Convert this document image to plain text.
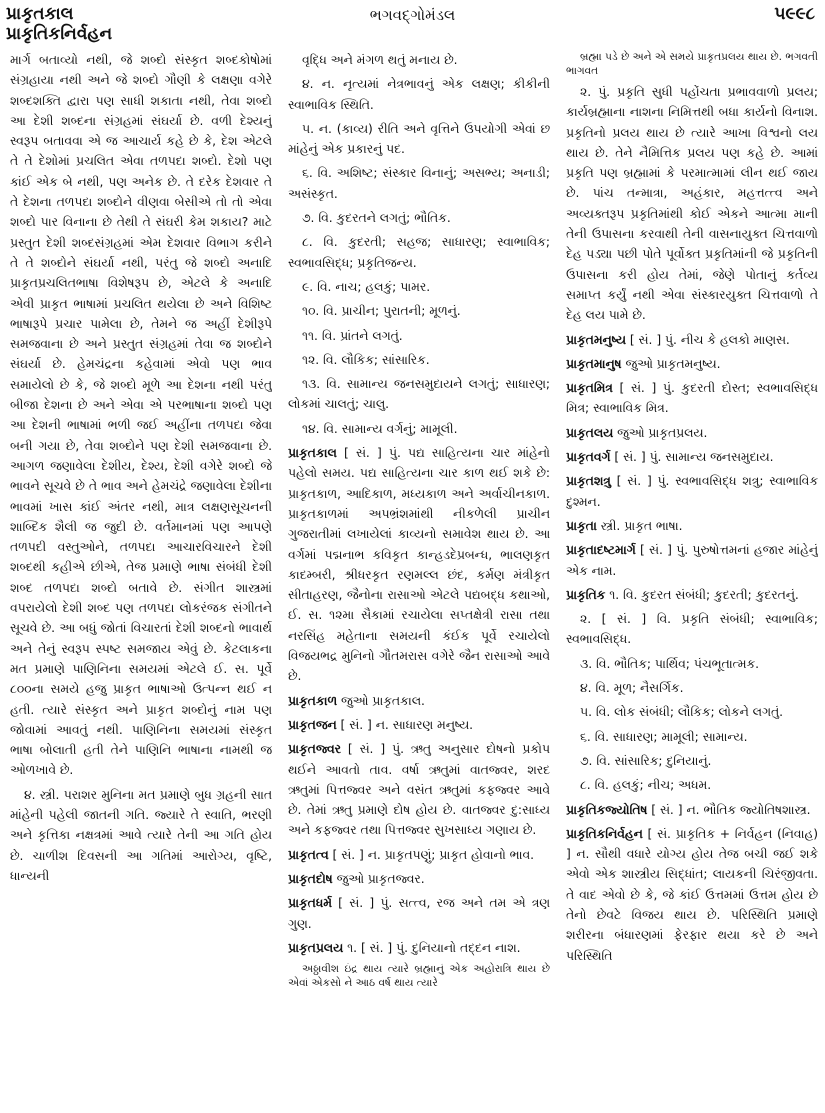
પ્રાકૃતકાલ
પ્રાકૃતિકનિર્વહન
ભગવદ્ગોમંડલ	૫૯૯૮

માર્ગ બતાવ્યો નથી, જે શબ્દો સંસ્કૃત શબ્દકોષોમાં સંગ્રહાયા નથી અને જે શબ્દો ગૌણી કે લક્ષણા વગેરે શબ્દશક્તિ દ્વારા પણ સાધી શકાતા નથી, તેવા શબ્દો આ દેશી શબ્દના સંગ્રહમાં સંઘર્યા છે. વળી દેશ્યનું સ્વરૂપ બતાવવા એ જ આચાર્ય કહે છે કે, દેશ એટલે તે તે દેશોમાં પ્રચલિત એવા તળપદા શબ્દો. દેશો પણ કાંઈ એક બે નથી, પણ અનેક છે. તે દરેક દેશવાર તે તે દેશના તળપદા શબ્દોને વીણવા બેસીએ તો તો એવા શબ્દો પાર વિનાના છે તેથી તે સંઘરી કેમ શકાય? માટે પ્રસ્તુત દેશી શબ્દસંગ્રહમાં એમ દેશવાર વિભાગ કરીને તે તે શબ્દોને સંઘર્યા નથી, પરંતુ જે શબ્દો અનાદિ પ્રાકૃતપ્રચલિતભાષા વિશેષરૂપ છે, એટલે કે અનાદિ એવી પ્રાકૃત ભાષામાં પ્રચલિત થયેલા છે અને વિશિષ્ટ ભાષારૂપે પ્રચાર પામેલા છે, તેમને જ અહીં દેશીરૂપે સમજવાના છે અને પ્રસ્તુત સંગ્રહમાં તેવા જ શબ્દોને સંઘર્યા છે. હેમચંદ્રના કહેવામાં એવો પણ ભાવ સમાયેલો છે કે, જે શબ્દો મૂળે આ દેશના નથી પરંતુ બીજા દેશના છે અને એવા એ પરભાષાના શબ્દો પણ આ દેશની ભાષામાં ભળી જઈ અહીંના તળપદા જેવા બની ગયા છે, તેવા શબ્દોને પણ દેશી સમજવાના છે. આગળ જણાવેલા દેશીય, દેશ્ય, દેશી વગેરે શબ્દો જે ભાવને સૂચવે છે તે ભાવ અને હેમચંદ્રે જણાવેલા દેશીના ભાવમાં ખાસ કાંઈ અંતર નથી, માત્ર લક્ષણસૂચનની શાબ્દિક શૈલી જ જુદી છે. વર્તમાનમાં પણ આપણે તળપદી વસ્તુઓને, તળપદા આચારવિચારને દેશી શબ્દથી કહીએ છીએ, તેજ પ્રમાણે ભાષા સંબંધી દેશી શબ્દ તળપદા શબ્દો બતાવે છે. સંગીત શાસ્ત્રમાં વપરાયેલો દેશી શબ્દ પણ તળપદા લોકરંજક સંગીતને સૂચવે છે. આ બધું જોતાં વિચારતાં દેશી શબ્દનો ભાવાર્થ અને તેનું સ્વરૂપ સ્પષ્ટ સમજાય એવું છે. કેટલાકના મત પ્રમાણે પાણિનિના સમયમાં એટલે ઈ. સ. પૂર્વે ૮૦૦ના સમયે હજુ પ્રાકૃત ભાષાઓ ઉત્પન્ન થઈ ન હતી. ત્યારે સંસ્કૃત અને પ્રાકૃત શબ્દોનું નામ પણ જોવામાં આવતું નથી. પાણિનિના સમયમાં સંસ્કૃત ભાષા બોલાતી હતી તેને પાણિનિ ભાષાના નામથી જ ઓળખાવે છે.

૪. સ્ત્રી. પરાશર મુનિના મત પ્રમાણે બુધ ગ્રહની સાત માંહેની પહેલી જાતની ગતિ. જ્યારે તે સ્વાતિ, ભરણી અને કૃત્તિકા નક્ષત્રમાં આવે ત્યારે તેની આ ગતિ હોય છે. ચાળીશ દિવસની આ ગતિમાં આરોગ્ય, વૃષ્ટિ, ધાન્યની

વૃદ્ધિ અને મંગળ થતું મનાય છે.

૪. ન. નૃત્યમાં નેત્રભાવનું એક લક્ષણ; કીકીની સ્વાભાવિક સ્થિતિ.

૫. ન. (કાવ્ય) રીતિ અને વૃત્તિને ઉપયોગી એવાં છ માંહેનું એક પ્રકારનું પદ.

૬. વિ. અશિષ્ટ; સંસ્કાર વિનાનું; અસભ્ય; અનાડી; અસંસ્કૃત.

૭. વિ. કુદરતને લગતું; ભૌતિક.

૮. વિ. કુદરતી; સહજ; સાધારણ; સ્વાભાવિક; સ્વભાવસિદ્ધ; પ્રકૃતિજન્ય.

૯. વિ. નાચ; હલકું; પામર.

૧૦. વિ. પ્રાચીન; પુરાતની; મૂળનું.

૧૧. વિ. પ્રાંતને લગતું.

૧૨. વિ. લૌકિક; સાંસારિક.

૧૩. વિ. સામાન્ય જનસમુદાયને લગતું; સાધારણ; લોકમાં ચાલતું; ચાલુ.

૧૪. વિ. સામાન્ય વર્ગનું; મામૂલી.

પ્રાકૃતકાલ [ સં. ] પું. પદ્ય સાહિત્યના ચાર માંહેનો પહેલો સમય. પદ્ય સાહિત્યના ચાર કાળ થઈ શકે છે: પ્રાકૃતકાળ, આદિકાળ, મધ્યકાળ અને અર્વાચીનકાળ. પ્રાકૃતકાળમાં અપભ્રંશમાંથી નીકળેલી પ્રાચીન ગુજરાતીમાં લખાયેલાં કાવ્યનો સમાવેશ થાય છે. આ વર્ગમાં પદ્મનાભ કવિકૃત કાન્હડદેપ્રબન્ધ, ભાલણકૃત કાદમ્બરી, શ્રીધરકૃત રણમલ્લ છંદ, કર્મણ મંત્રીકૃત સીતાહરણ, જૈનોના રાસાઓ એટલે પદ્યબદ્ધ કથાઓ, ઈ. સ. ૧૨મા સૈકામાં રચાયેલા સપ્તક્ષેત્રી રાસા તથા નરસિંહ મહેતાના સમયની કંઈક પૂર્વે રચાયેલો વિજયભદ્ર મુનિનો ગૌતમરાસ વગેરે જૈન રાસાઓ આવે છે.

પ્રાકૃતકાળ જુઓ પ્રાકૃતકાલ.

પ્રાકૃતજન [ સં. ] ન. સાધારણ મનુષ્ય.

પ્રાકૃતજ્વર [ સં. ] પું. ઋતુ અનુસાર દોષનો પ્રકોપ થઈને આવતો તાવ. વર્ષા ઋતુમાં વાતજ્વર, શરદ ઋતુમાં પિત્તજ્વર અને વસંત ઋતુમાં કફજ્વર આવે છે. તેમાં ઋતુ પ્રમાણે દોષ હોય છે. વાતજ્વર દુ:સાધ્ય અને કફજ્વર તથા પિત્તજ્વર સુખસાધ્ય ગણાય છે.

પ્રાકૃતત્વ [ સં. ] ન. પ્રાકૃતપણું; પ્રાકૃત હોવાનો ભાવ.

પ્રાકૃતદોષ જુઓ પ્રાકૃતજ્વર.

પ્રાકૃતધર્મ [ સં. ] પું. સત્ત્વ, રજ અને તમ એ ત્રણ ગુણ.

પ્રાકૃતપ્રલય ૧. [ સં. ] પું. દુનિયાનો તદ્દન નાશ.

અઠ્ઠાવીશ ઇંદ્ર થાય ત્યારે બ્રહ્માનું એક અહોરાત્રિ થાય છે એવાં એકસો ને આઠ વર્ષ થાય ત્યારે

બ્રહ્મા પડે છે અને એ સમયે પ્રાકૃતપ્રલય થાય છે. ભગવતી ભાગવત

૨. પું. પ્રકૃતિ સુધી પહોંચતા પ્રભાવવાળો પ્રલય; કાર્યબ્રહ્માના નાશના નિમિત્તથી બધા કાર્યનો વિનાશ. પ્રકૃતિનો પ્રલય થાય છે ત્યારે આખા વિશ્વનો લય થાય છે. તેને નૈમિત્તિક પ્રલય પણ કહે છે. આમાં પ્રકૃતિ પણ બ્રહ્મામાં કે પરમાત્મામાં લીન થઈ જાય છે. પાંચ તન્માત્રા, અહંકાર, મહત્તત્ત્વ અને અવ્યક્તરૂપ પ્રકૃતિમાંથી કોઈ એકને આત્મા માની તેની ઉપાસના કરવાથી તેની વાસનાયુક્ત ચિત્તવાળો દેહ પડ્યા પછી પોતે પૂર્વોક્ત પ્રકૃતિમાંની જે પ્રકૃતિની ઉપાસના કરી હોય તેમાં, જેણે પોતાનું કર્તવ્ય સમાપ્ત કર્યું નથી એવા સંસ્કારયુક્ત ચિત્તવાળો તે દેહ લય પામે છે.

પ્રાકૃતમનુષ્ય [ સં. ] પું. નીચ કે હલકો માણસ.

પ્રાકૃતમાનુષ જુઓ પ્રાકૃતમનુષ્ય.

પ્રાકૃતમિત્ર [ સં. ] પું. કુદરતી દોસ્ત; સ્વભાવસિદ્ધ મિત્ર; સ્વાભાવિક મિત્ર.

પ્રાકૃતલય જુઓ પ્રાકૃતપ્રલય.

પ્રાકૃતવર્ગ [ સં. ] પું. સામાન્ય જનસમુદાય.

પ્રાકૃતશત્રુ [ સં. ] પું. સ્વભાવસિદ્ધ શત્રુ; સ્વાભાવિક દુશ્મન.

પ્રાકૃતા સ્ત્રી. પ્રાકૃત ભાષા.

પ્રાકૃતાદષ્ટમાર્ગ [ સં. ] પું. પુરુષોત્તમનાં હજાર માંહેનું એક નામ.

પ્રાકૃતિક ૧. વિ. કુદરત સંબંધી; કુદરતી; કુદરતનું.

૨. [ સં. ] વિ. પ્રકૃતિ સંબંધી; સ્વાભાવિક; સ્વભાવસિદ્ધ.

૩. વિ. ભૌતિક; પાર્થિવ; પંચભૂતાત્મક.

૪. વિ. મૂળ; નૈસર્ગિક.

૫. વિ. લોક સંબંધી; લૌકિક; લોકને લગતું.

૬. વિ. સાધારણ; મામૂલી; સામાન્ય.

૭. વિ. સાંસારિક; દુનિયાનું.

૮. વિ. હલકું; નીચ; અધમ.

પ્રાકૃતિકજ્યોતિષ [ સં. ] ન. ભૌતિક જ્યોતિષશાસ્ત્ર.

પ્રાકૃતિકનિર્વહન [ સં. પ્રાકૃતિક + નિર્વહન (નિવાહ) ] ન. સૌથી વધારે યોગ્ય હોય તેજ બચી જઈ શકે એવો એક શાસ્ત્રીય સિદ્ધાંત; લાયકની ચિરંજીવતા. તે વાદ એવો છે કે, જે કાંઈ ઉત્તમમાં ઉત્તમ હોય છે તેનો છેવટે વિજય થાય છે. પરિસ્થિતિ પ્રમાણે શરીરના બંધારણમાં ફેરફાર થયા કરે છે અને પરિસ્થિતિ
